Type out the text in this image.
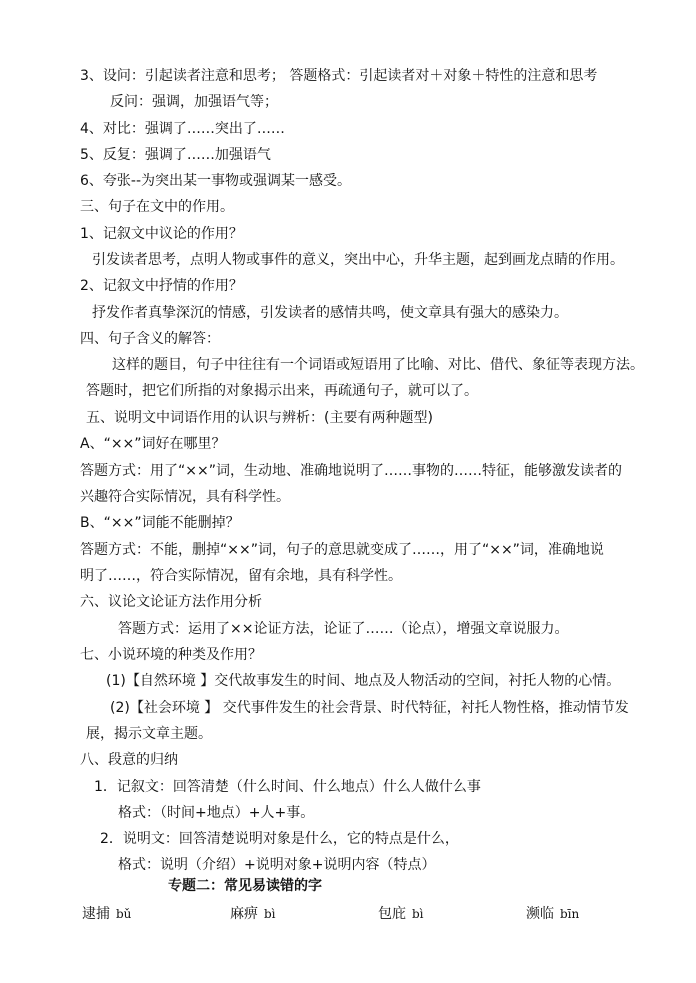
3、设问：引起读者注意和思考； 答题格式：引起读者对＋对象＋特性的注意和思考
反问：强调，加强语气等；
4、对比：强调了……突出了……
5、反复：强调了……加强语气
6、夸张--为突出某一事物或强调某一感受。
三、句子在文中的作用。
1、记叙文中议论的作用？
引发读者思考，点明人物或事件的意义，突出中心，升华主题，起到画龙点睛的作用。
2、记叙文中抒情的作用？
抒发作者真挚深沉的情感，引发读者的感情共鸣，使文章具有强大的感染力。
四、句子含义的解答：
这样的题目，句子中往往有一个词语或短语用了比喻、对比、借代、象征等表现方法。
答题时，把它们所指的对象揭示出来，再疏通句子，就可以了。
五、说明文中词语作用的认识与辨析：(主要有两种题型)
A、“××”词好在哪里？
答题方式：用了“××”词，生动地、准确地说明了……事物的……特征，能够激发读者的
兴趣符合实际情况，具有科学性。
B、“××”词能不能删掉？
答题方式：不能，删掉“××”词，句子的意思就变成了……，用了“××”词，准确地说
明了……，符合实际情况，留有余地，具有科学性。
六、议论文论证方法作用分析
答题方式：运用了××论证方法，论证了……（论点），增强文章说服力。
七、小说环境的种类及作用？
(1)【自然环境 】交代故事发生的时间、地点及人物活动的空间，衬托人物的心情。
(2)【社会环境 】 交代事件发生的社会背景、时代特征，衬托人物性格，推动情节发
展，揭示文章主题。
八、段意的归纳
1．记叙文：回答清楚（什么时间、什么地点）什么人做什么事
格式：（时间+地点）+人+事。
2．说明文：回答清楚说明对象是什么，它的特点是什么，
格式：说明（介绍）+说明对象+说明内容（特点）
专题二：常见易读错的字
逮捕 bǔ	麻痹 bì	包庇 bì	濒临 bīn
